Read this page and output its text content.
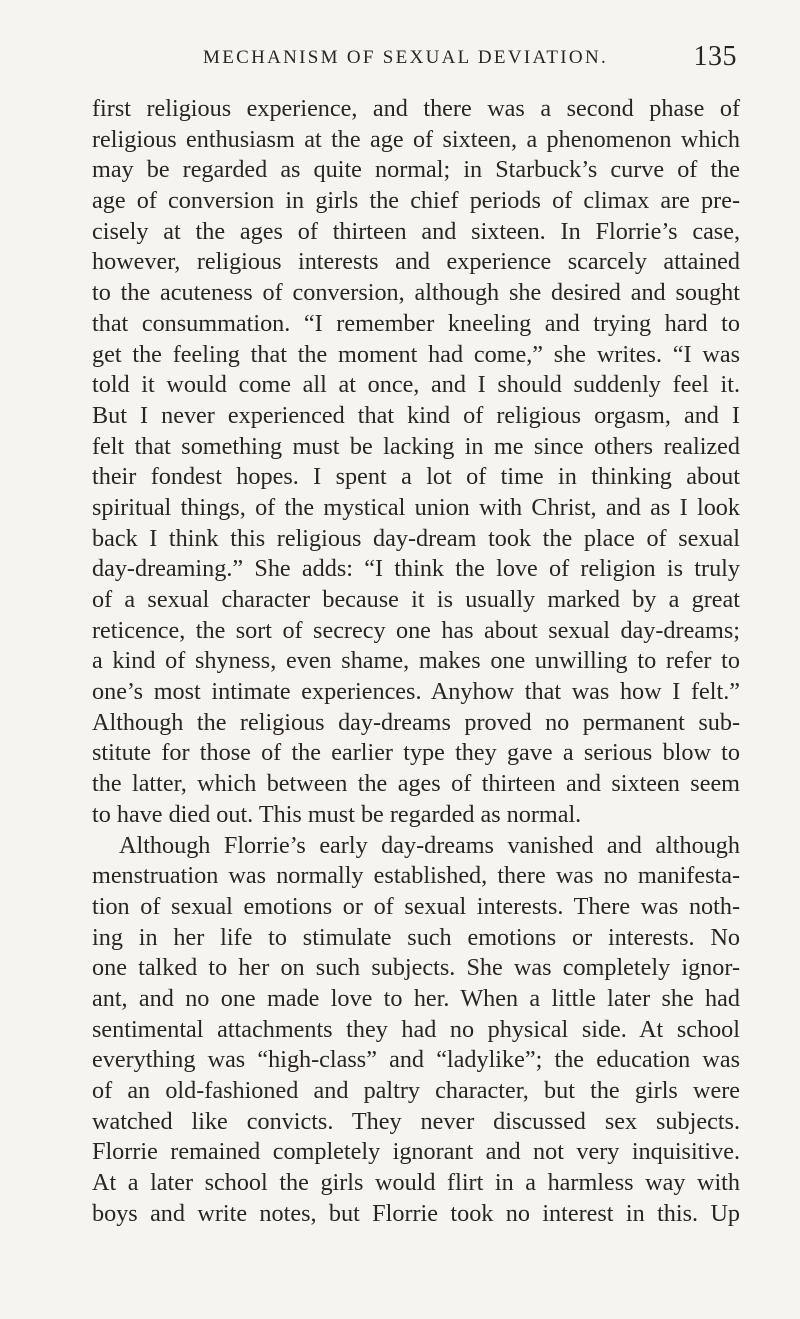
MECHANISM OF SEXUAL DEVIATION.	135
first religious experience, and there was a second phase of
religious enthusiasm at the age of sixteen, a phenomenon which
may be regarded as quite normal; in Starbuck’s curve of the
age of conversion in girls the chief periods of climax are pre-
cisely at the ages of thirteen and sixteen. In Florrie’s case,
however, religious interests and experience scarcely attained
to the acuteness of conversion, although she desired and sought
that consummation. “I remember kneeling and trying hard to
get the feeling that the moment had come,” she writes. “I was
told it would come all at once, and I should suddenly feel it.
But I never experienced that kind of religious orgasm, and I
felt that something must be lacking in me since others realized
their fondest hopes. I spent a lot of time in thinking about
spiritual things, of the mystical union with Christ, and as I look
back I think this religious day-dream took the place of sexual
day-dreaming.” She adds: “I think the love of religion is truly
of a sexual character because it is usually marked by a great
reticence, the sort of secrecy one has about sexual day-dreams;
a kind of shyness, even shame, makes one unwilling to refer to
one’s most intimate experiences. Anyhow that was how I felt.”
Although the religious day-dreams proved no permanent sub-
stitute for those of the earlier type they gave a serious blow to
the latter, which between the ages of thirteen and sixteen seem
to have died out. This must be regarded as normal.
Although Florrie’s early day-dreams vanished and although
menstruation was normally established, there was no manifesta-
tion of sexual emotions or of sexual interests. There was noth-
ing in her life to stimulate such emotions or interests. No
one talked to her on such subjects. She was completely ignor-
ant, and no one made love to her. When a little later she had
sentimental attachments they had no physical side. At school
everything was “high-class” and “ladylike”; the education was
of an old-fashioned and paltry character, but the girls were
watched like convicts. They never discussed sex subjects.
Florrie remained completely ignorant and not very inquisitive.
At a later school the girls would flirt in a harmless way with
boys and write notes, but Florrie took no interest in this. Up
